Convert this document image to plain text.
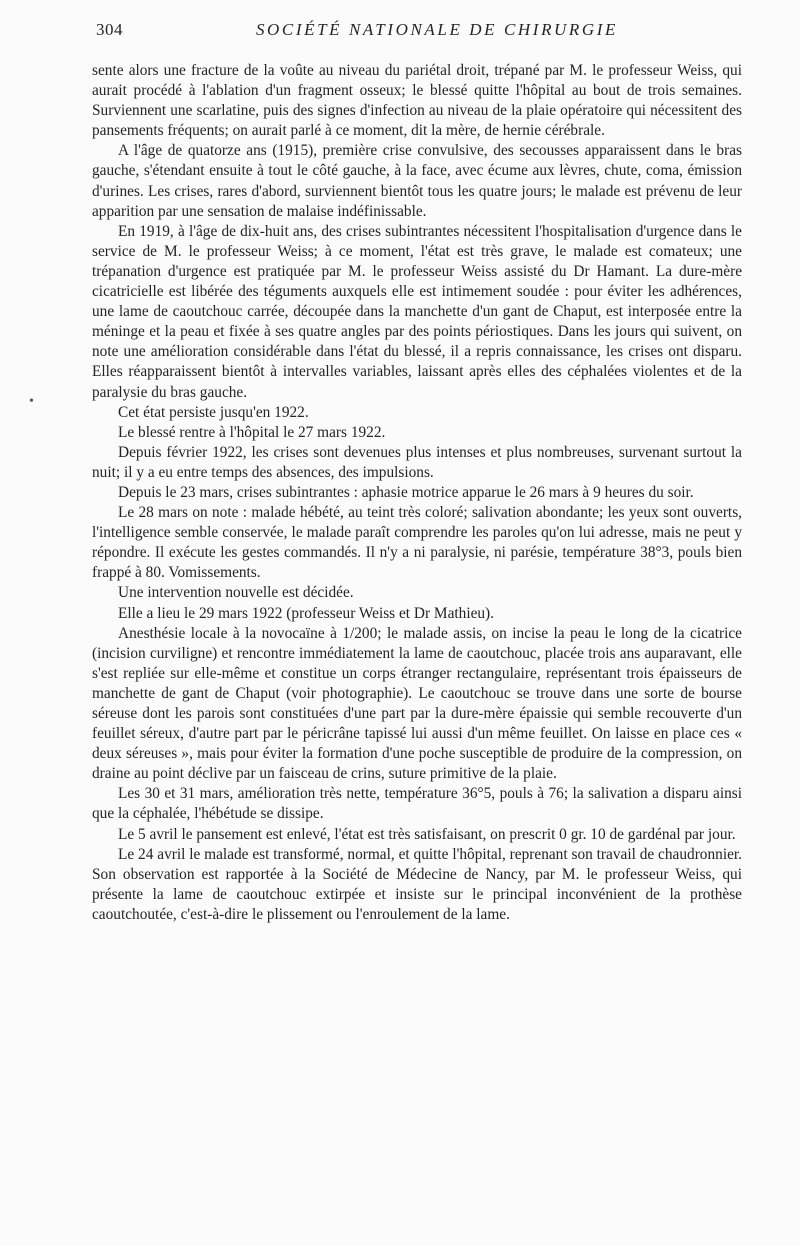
•
304	SOCIÉTÉ NATIONALE DE CHIRURGIE

sente alors une fracture de la voûte au niveau du pariétal droit, trépané par M. le professeur Weiss, qui aurait procédé à l'ablation d'un fragment osseux; le blessé quitte l'hôpital au bout de trois semaines. Surviennent une scarlatine, puis des signes d'infection au niveau de la plaie opératoire qui nécessitent des pansements fréquents; on aurait parlé à ce moment, dit la mère, de hernie cérébrale.

A l'âge de quatorze ans (1915), première crise convulsive, des secousses apparaissent dans le bras gauche, s'étendant ensuite à tout le côté gauche, à la face, avec écume aux lèvres, chute, coma, émission d'urines. Les crises, rares d'abord, surviennent bientôt tous les quatre jours; le malade est prévenu de leur apparition par une sensation de malaise indéfinissable.

En 1919, à l'âge de dix-huit ans, des crises subintrantes nécessitent l'hospitalisation d'urgence dans le service de M. le professeur Weiss; à ce moment, l'état est très grave, le malade est comateux; une trépanation d'urgence est pratiquée par M. le professeur Weiss assisté du Dr Hamant. La dure-mère cicatricielle est libérée des téguments auxquels elle est intimement soudée : pour éviter les adhérences, une lame de caoutchouc carrée, découpée dans la manchette d'un gant de Chaput, est interposée entre la méninge et la peau et fixée à ses quatre angles par des points périostiques. Dans les jours qui suivent, on note une amélioration considérable dans l'état du blessé, il a repris connaissance, les crises ont disparu. Elles réapparaissent bientôt à intervalles variables, laissant après elles des céphalées violentes et de la paralysie du bras gauche.

Cet état persiste jusqu'en 1922.

Le blessé rentre à l'hôpital le 27 mars 1922.

Depuis février 1922, les crises sont devenues plus intenses et plus nombreuses, survenant surtout la nuit; il y a eu entre temps des absences, des impulsions.

Depuis le 23 mars, crises subintrantes : aphasie motrice apparue le 26 mars à 9 heures du soir.

Le 28 mars on note : malade hébété, au teint très coloré; salivation abondante; les yeux sont ouverts, l'intelligence semble conservée, le malade paraît comprendre les paroles qu'on lui adresse, mais ne peut y répondre. Il exécute les gestes commandés. Il n'y a ni paralysie, ni parésie, température 38°3, pouls bien frappé à 80. Vomissements.

Une intervention nouvelle est décidée.

Elle a lieu le 29 mars 1922 (professeur Weiss et Dr Mathieu).

Anesthésie locale à la novocaïne à 1/200; le malade assis, on incise la peau le long de la cicatrice (incision curviligne) et rencontre immédiatement la lame de caoutchouc, placée trois ans auparavant, elle s'est repliée sur elle-même et constitue un corps étranger rectangulaire, représentant trois épaisseurs de manchette de gant de Chaput (voir photographie). Le caoutchouc se trouve dans une sorte de bourse séreuse dont les parois sont constituées d'une part par la dure-mère épaissie qui semble recouverte d'un feuillet séreux, d'autre part par le péricrâne tapissé lui aussi d'un même feuillet. On laisse en place ces « deux séreuses », mais pour éviter la formation d'une poche susceptible de produire de la compression, on draine au point déclive par un faisceau de crins, suture primitive de la plaie.

Les 30 et 31 mars, amélioration très nette, température 36°5, pouls à 76; la salivation a disparu ainsi que la céphalée, l'hébétude se dissipe.

Le 5 avril le pansement est enlevé, l'état est très satisfaisant, on prescrit 0 gr. 10 de gardénal par jour.

Le 24 avril le malade est transformé, normal, et quitte l'hôpital, reprenant son travail de chaudronnier. Son observation est rapportée à la Société de Médecine de Nancy, par M. le professeur Weiss, qui présente la lame de caoutchouc extirpée et insiste sur le principal inconvénient de la prothèse caoutchoutée, c'est-à-dire le plissement ou l'enroulement de la lame.
